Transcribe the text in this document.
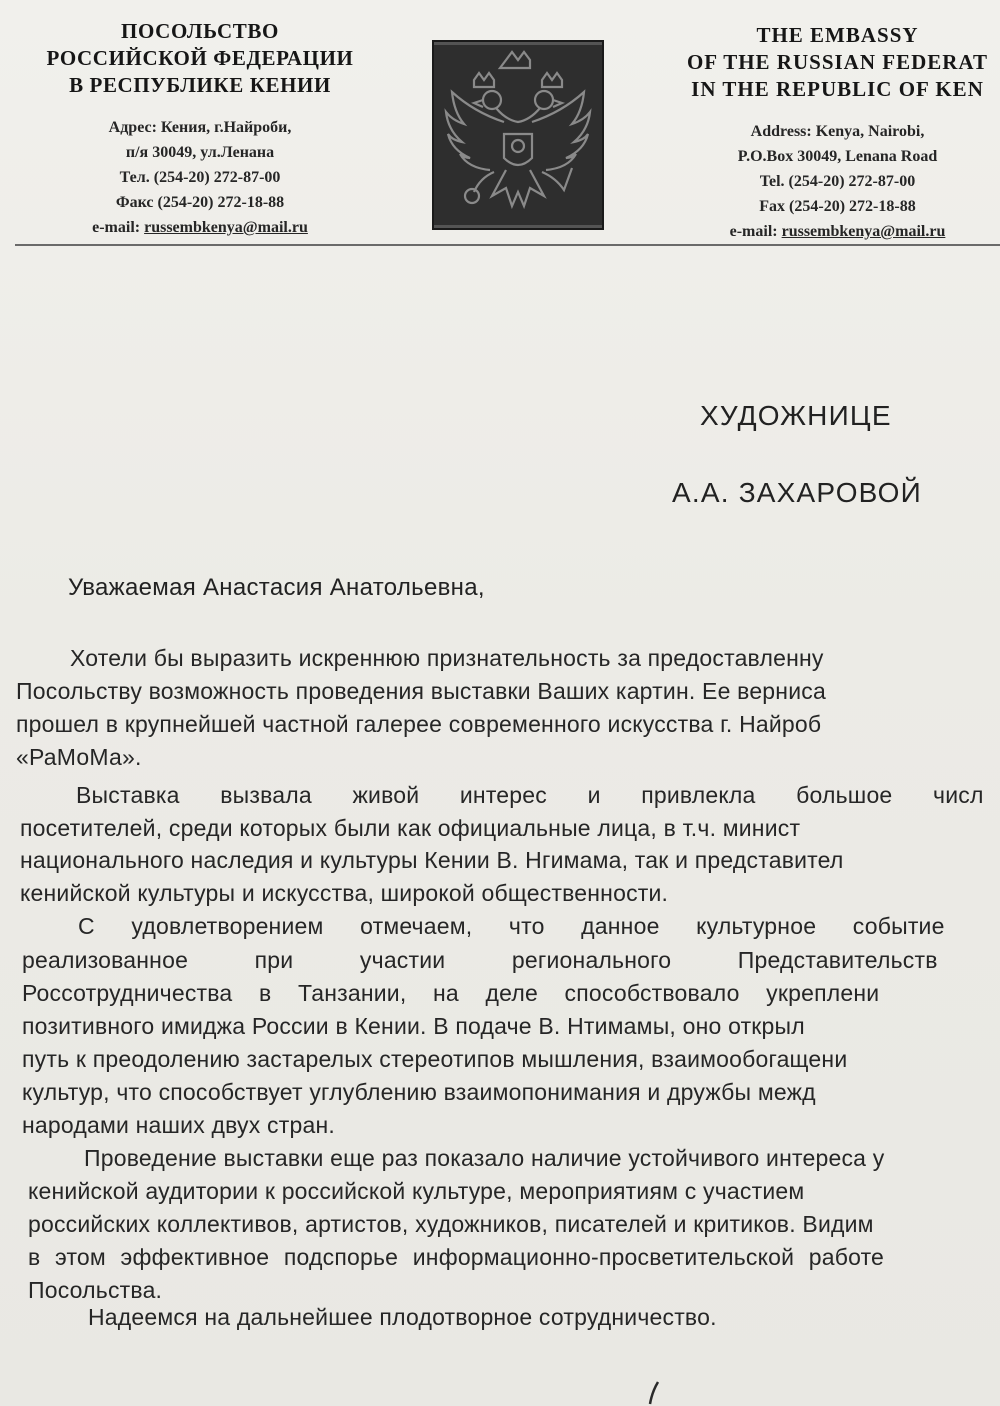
ПОСОЛЬСТВО
РОССИЙСКОЙ ФЕДЕРАЦИИ
В РЕСПУБЛИКЕ КЕНИИ
Адрес: Кения, г.Найроби,
п/я 30049, ул.Ленана
Тел. (254-20) 272-87-00
Факс (254-20) 272-18-88
e-mail: russembkenya@mail.ru
THE EMBASSY
OF THE RUSSIAN FEDERAT
IN THE REPUBLIC OF KEN
Address: Kenya, Nairobi,
P.O.Box 30049, Lenana Road
Tel. (254-20) 272-87-00
Fax (254-20) 272-18-88
e-mail: russembkenya@mail.ru
ХУДОЖНИЦЕ
А.А. ЗАХАРОВОЙ
Уважаемая Анастасия Анатольевна,
Хотели бы выразить искреннюю признательность за предоставленну
Посольству возможность проведения выставки Ваших картин. Ее вернисa
прошел в крупнейшей частной галерее современного искусства г. Найроб
«РаМоМа».
Выставка вызвала живой интерес и привлекла большое числ
посетителей, среди которых были как официальные лица, в т.ч. минист
национального наследия и культуры Кении В. Нгимама, так и представител
кенийской культуры и искусства, широкой общественности.
С удовлетворением отмечаем, что данное культурное событие
реализованное при участии регионального Представительств
Россотрудничества в Танзании, на деле способствовало укреплени
позитивного имиджа России в Кении. В подаче В. Нтимамы, оно открыл
путь к преодолению застарелых стереотипов мышления, взаимообогащени
культур, что способствует углублению взаимопонимания и дружбы межд
народами наших двух стран.
Проведение выставки еще раз показало наличие устойчивого интереса у
кенийской аудитории к российской культуре, мероприятиям с участием
российских коллективов, артистов, художников, писателей и критиков. Видим
в этом эффективное подспорье информационно-просветительской работе
Посольства.
Надеемся на дальнейшее плодотворное сотрудничество.
